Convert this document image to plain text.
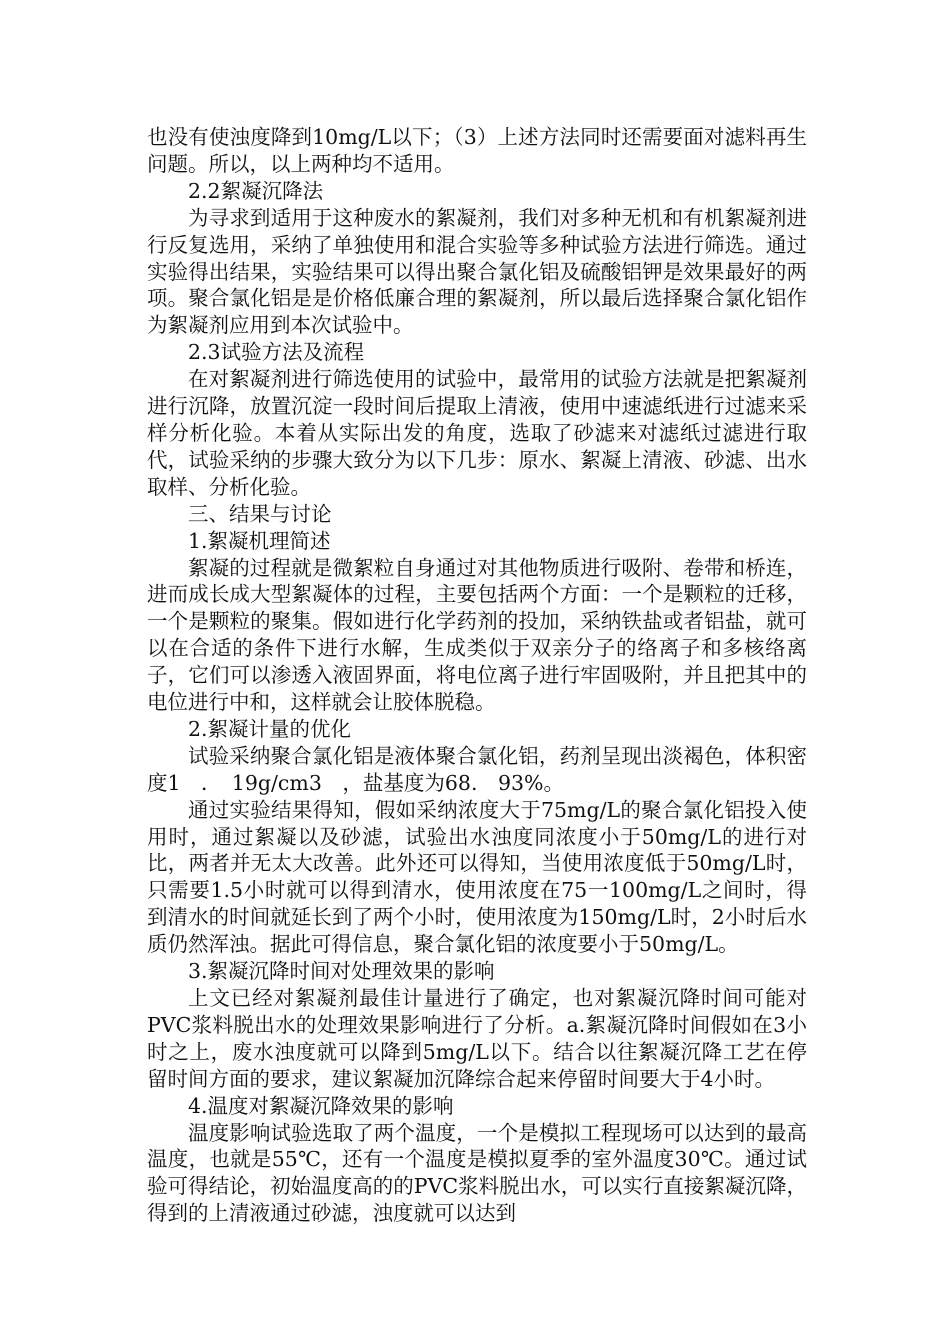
也没有使浊度降到10mg/L以下；（3）上述方法同时还需要面对滤料再生问题。所以，以上两种均不适用。

2.2絮凝沉降法

为寻求到适用于这种废水的絮凝剂，我们对多种无机和有机絮凝剂进行反复选用，采纳了单独使用和混合实验等多种试验方法进行筛选。通过实验得出结果，实验结果可以得出聚合氯化铝及硫酸铝钾是效果最好的两项。聚合氯化铝是是价格低廉合理的絮凝剂，所以最后选择聚合氯化铝作为絮凝剂应用到本次试验中。

2.3试验方法及流程

在对絮凝剂进行筛选使用的试验中，最常用的试验方法就是把絮凝剂进行沉降，放置沉淀一段时间后提取上清液，使用中速滤纸进行过滤来采样分析化验。本着从实际出发的角度，选取了砂滤来对滤纸过滤进行取代，试验采纳的步骤大致分为以下几步：原水、絮凝上清液、砂滤、出水取样、分析化验。

三、结果与讨论

1.絮凝机理简述

絮凝的过程就是微絮粒自身通过对其他物质进行吸附、卷带和桥连，进而成长成大型絮凝体的过程，主要包括两个方面：一个是颗粒的迁移，一个是颗粒的聚集。假如进行化学药剂的投加，采纳铁盐或者铝盐，就可以在合适的条件下进行水解，生成类似于双亲分子的络离子和多核络离子，它们可以渗透入液固界面，将电位离子进行牢固吸附，并且把其中的电位进行中和，这样就会让胶体脱稳。

2.絮凝计量的优化

试验采纳聚合氯化铝是液体聚合氯化铝，药剂呈现出淡褐色，体积密度1　．　19g/cm3　，盐基度为68.　93%。

通过实验结果得知，假如采纳浓度大于75mg/L的聚合氯化铝投入使用时，通过絮凝以及砂滤，试验出水浊度同浓度小于50mg/L的进行对比，两者并无太大改善。此外还可以得知，当使用浓度低于50mg/L时，只需要1.5小时就可以得到清水，使用浓度在75一100mg/L之间时，得到清水的时间就延长到了两个小时，使用浓度为150mg/L时，2小时后水质仍然浑浊。据此可得信息，聚合氯化铝的浓度要小于50mg/L。

3.絮凝沉降时间对处理效果的影响

上文已经对絮凝剂最佳计量进行了确定，也对絮凝沉降时间可能对PVC浆料脱出水的处理效果影响进行了分析。a.絮凝沉降时间假如在3小时之上，废水浊度就可以降到5mg/L以下。结合以往絮凝沉降工艺在停留时间方面的要求，建议絮凝加沉降综合起来停留时间要大于4小时。

4.温度对絮凝沉降效果的影响

温度影响试验选取了两个温度，一个是模拟工程现场可以达到的最高温度，也就是55℃，还有一个温度是模拟夏季的室外温度30℃。通过试验可得结论，初始温度高的的PVC浆料脱出水，可以实行直接絮凝沉降，得到的上清液通过砂滤，浊度就可以达到
